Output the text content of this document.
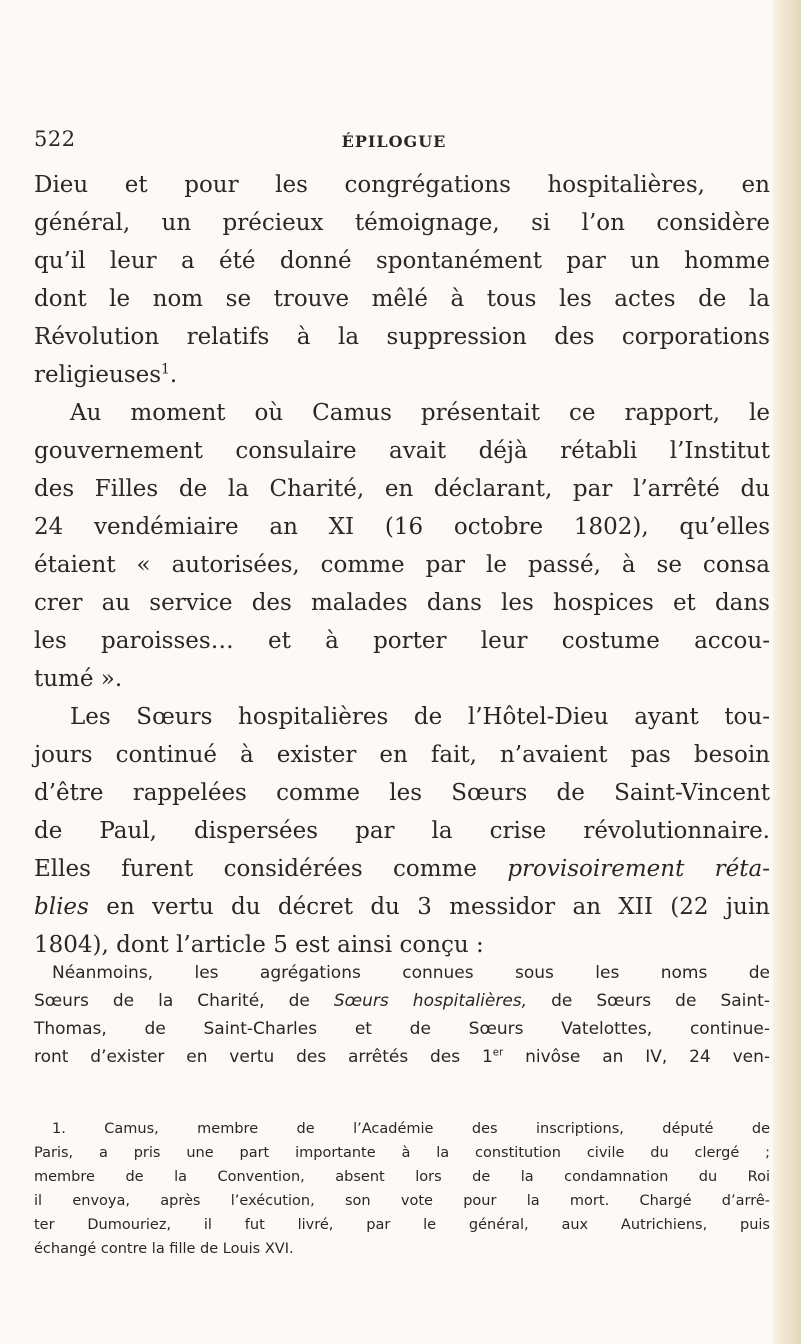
522	ÉPILOGUE
Dieu et pour les congrégations hospitalières, en
général, un précieux témoignage, si l’on considère
qu’il leur a été donné spontanément par un homme
dont le nom se trouve mêlé à tous les actes de la
Révolution relatifs à la suppression des corporations
religieuses$^1$.
Au moment où Camus présentait ce rapport, le
gouvernement consulaire avait déjà rétabli l’Institut
des Filles de la Charité, en déclarant, par l’arrêté du
24 vendémiaire an XI (16 octobre 1802), qu’elles
étaient « autorisées, comme par le passé, à se consa
crer au service des malades dans les hospices et dans
les paroisses… et à porter leur costume accou-
tumé ».
Les Sœurs hospitalières de l’Hôtel-Dieu ayant tou-
jours continué à exister en fait, n’avaient pas besoin
d’être rappelées comme les Sœurs de Saint-Vincent
de Paul, dispersées par la crise révolutionnaire.
Elles furent considérées comme provisoirement réta-
blies en vertu du décret du 3 messidor an XII (22 juin
1804), dont l’article 5 est ainsi conçu :
Néanmoins, les agrégations connues sous les noms de
Sœurs de la Charité, de Sœurs hospitalières, de Sœurs de Saint-
Thomas, de Saint-Charles et de Sœurs Vatelottes, continue-
ront d’exister en vertu des arrêtés des 1er nivôse an IV, 24 ven-
1. Camus, membre de l’Académie des inscriptions, député de
Paris, a pris une part importante à la constitution civile du clergé ;
membre de la Convention, absent lors de la condamnation du Roi
il envoya, après l’exécution, son vote pour la mort. Chargé d’arrê-
ter Dumouriez, il fut livré, par le général, aux Autrichiens, puis
échangé contre la fille de Louis XVI.
